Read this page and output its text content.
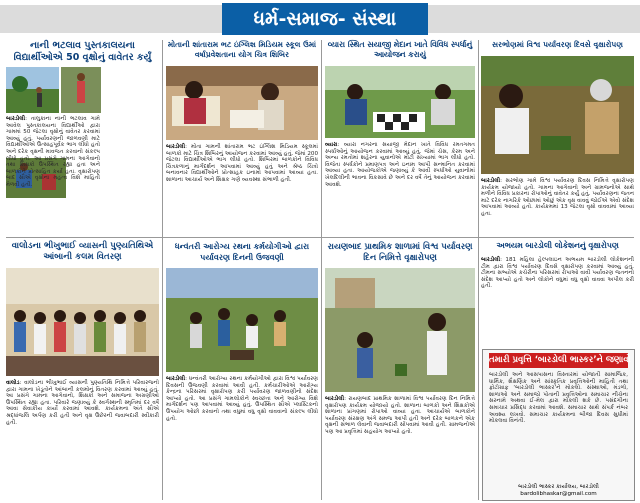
ધર્મ-સમાજ- સંસ્થા
નાની ભટલાવ પુસ્તકાલયના વિદ્યાર્થીઓએ 50 વૃક્ષોનું વાવેતર કર્યું
બારડોલી: તાલુકાના નાની ભટલાવ ગામે આવેલ પુસ્તકાલયના વિદ્યાર્થીઓ દ્વારા ગામમાં 50 જેટલા વૃક્ષોનું વાવેતર કરવામાં આવ્યું હતું. પર્યાવરણની જાળવણી માટે વિદ્યાર્થીઓએ ઉત્સાહપૂર્વક ભાગ લીધો હતો અને દરેક વૃક્ષની માવજત કરવાનો સંકલ્પ લીધો હતો. આ પ્રસંગે ગામના આગેવાનો તથા શિક્ષકો ઉપસ્થિત રહ્યા હતા અને બાળકોને પ્રોત્સાહિત કર્યા હતા. વૃક્ષારોપણ બાદ સૌએ વૃક્ષોના મહત્વ વિશે માહિતી મેળવી હતી.
મોતાની શાંતારામ ભટ ઇંગ્લિશ મિડિયમ સ્કૂલ ઉમાં વર્ષાપ્રવેશતાના યોગ ચિત્ર શિબિર
બારડોલી: મોતા ગામની શાંતારામ ભટ ઇંગ્લિશ મિડિયમ સ્કૂલમાં બાળકો માટે ચિત્ર શિબિરનું આયોજન કરવામાં આવ્યું હતું. જેમાં 200 જેટલા વિદ્યાર્થીઓએ ભાગ લીધો હતો. શિબિરમાં બાળકોને વિવિધ ચિત્રકળાનું માર્ગદર્શન આપવામાં આવ્યું હતું અને શ્રેષ્ઠ ચિત્રો બનાવનાર વિદ્યાર્થીઓને પ્રોત્સાહક ઇનામો આપવામાં આવ્યા હતા. શાળાના આચાર્ય અને શિક્ષક ગણે વ્યવસ્થા સંભાળી હતી.
વ્યારા સ્થિત સયાજી મેદાન ખાતે વિવિધ સ્પર્ધાનું આયોજન કરાયું
વ્યારા: વ્યારા નગરના સયાજી મેદાન ખાતે વિવિધ રમતગમત સ્પર્ધાઓનું આયોજન કરવામાં આવ્યું હતું. જેમાં ચેસ, કેરમ અને અન્ય રમતોમાં શહેરના યુવાનોએ મોટી સંખ્યામાં ભાગ લીધો હતો. વિજેતા સ્પર્ધકોને પ્રમાણપત્ર અને ઇનામ આપી સન્માનિત કરવામાં આવ્યા હતા. આયોજકોએ જણાવ્યું કે આવી સ્પર્ધાઓ યુવાનોમાં ખેલદિલીની ભાવના વિકસાવે છે અને દર વર્ષે તેનું આયોજન કરવામાં આવશે.
સરભોણમાં વિશ્વ પર્યાવરણ દિવસે વૃક્ષારોપણ
બારડોલી: સરભોણ ગામે વિશ્વ પર્યાવરણ દિવસ નિમિત્તે વૃક્ષારોપણ કાર્યક્રમ યોજાયો હતો. ગામના આગેવાનો અને ગ્રામજનોએ સાથે મળીને વિવિધ પ્રકારના રોપાઓનું વાવેતર કર્યું હતું. પર્યાવરણના જતન માટે દરેક નાગરિકે ઓછામાં ઓછું એક વૃક્ષ વાવવું જોઈએ એવો સંદેશ આપવામાં આવ્યો હતો. કાર્યક્રમમાં 13 જેટલા વૃક્ષો વાવવામાં આવ્યા હતા.
વાલોડના ભીખુભાઈ વ્યાસની પુણ્યતિથિએ આંબાની કલમ વિતરણ
વાલોડ: વાલોડના ભીખુભાઈ વ્યાસની પુણ્યતિથિ નિમિત્તે પરિવારજનો દ્વારા ગામના ખેડૂતોને આંબાની કલમોનું વિતરણ કરવામાં આવ્યું હતું. આ પ્રસંગે ગામના આગેવાનો, શિક્ષકો અને સમાજના અગ્રણીઓ ઉપસ્થિત રહ્યા હતા. પરિવારે જણાવ્યું કે સ્વર્ગસ્થની સ્મૃતિમાં દર વર્ષે આવા સેવાકીય કાર્યો કરવામાં આવશે. કાર્યક્રમના અંતે સૌએ શ્રદ્ધાંજલિ અર્પણ કરી હતી અને વૃક્ષ ઉછેરની જવાબદારી સ્વીકારી હતી.
ધન્વંતરી આરોગ્ય રથના કર્મયોગીઓ દ્વારા પર્યાવરણ દિનની ઉજવણી
બારડોલી: ધન્વંતરી આરોગ્ય રથના કર્મયોગીઓ દ્વારા વિશ્વ પર્યાવરણ દિવસની ઉજવણી કરવામાં આવી હતી. કર્મચારીઓએ આરોગ્ય કેન્દ્રના પરિસરમાં વૃક્ષારોપણ કરી પર્યાવરણ જાળવણીનો સંદેશ આપ્યો હતો. આ પ્રસંગે ગામલોકોને સ્વચ્છતા અને આરોગ્ય વિશે માર્ગદર્શન પણ આપવામાં આવ્યું હતું. ઉપસ્થિત સૌએ પ્લાસ્ટિકનો ઉપયોગ ઓછો કરવાનો તથા વધુમાં વધુ વૃક્ષો વાવવાનો સંકલ્પ લીધો હતો.
રાયણબાદ પ્રાથમિક શાળામાં વિશ્વ પર્યાવરણ દિન નિમિત્તે વૃક્ષારોપણ
બારડોલી: રાયણબાદ પ્રાથમિક શાળામાં વિશ્વ પર્યાવરણ દિન નિમિત્તે વૃક્ષારોપણ કાર્યક્રમ યોજાયો હતો. શાળાના બાળકો અને શિક્ષકોએ શાળાના પ્રાંગણમાં રોપાઓ વાવ્યા હતા. આચાર્યએ બાળકોને પર્યાવરણ સંરક્ષણ અંગે સમજ આપી હતી અને દરેક બાળકને એક વૃક્ષની સંભાળ લેવાની જવાબદારી સોંપવામાં આવી હતી. ગ્રામજનોએ પણ આ પ્રવૃત્તિમાં સહયોગ આપ્યો હતો.
અભયમ બારડોલી લોકેશનનું વૃક્ષારોપણ
બારડોલી: 181 મહિલા હેલ્પલાઇન અભયમ બારડોલી લોકેશનની ટીમ દ્વારા વિશ્વ પર્યાવરણ દિવસે વૃક્ષારોપણ કરવામાં આવ્યું હતું. ટીમના સભ્યોએ કચેરીના પરિસરમાં રોપાઓ વાવી પર્યાવરણ જતનનો સંદેશ આપ્યો હતો અને લોકોને વધુમાં વધુ વૃક્ષો વાવવા અપીલ કરી હતી.
તમારી પ્રવૃત્તિ ‘બારડોલી ભાસ્કર’ને જણાવો
બારડોલી અને આસપાસના વિસ્તારમાં યોજાતી સામાજિક, ધાર્મિક, શૈક્ષણિક અને સાંસ્કૃતિક પ્રવૃત્તિઓની માહિતી તથા ફોટોગ્રાફ ‘બારડોલી ભાસ્કર’ને મોકલો. સંસ્થાઓ, મંડળો, શાળાઓ અને સમાજો પોતાની પ્રવૃત્તિઓના સમાચાર નીચેના સરનામે અથવા ઈ-મેલ દ્વારા મોકલી શકે છે. પસંદગીના સમાચાર પ્રસિદ્ધ કરવામાં આવશે. સમાચાર સાથે સંપર્ક નંબર અવશ્ય લખવો. સમાચાર કાર્યક્રમના બીજા દિવસ સુધીમાં મોકલવા વિનંતી.
બારડોલી ભાસ્કર કાર્યાલય, બારડોલી
bardolibhaskar@gmail.com
